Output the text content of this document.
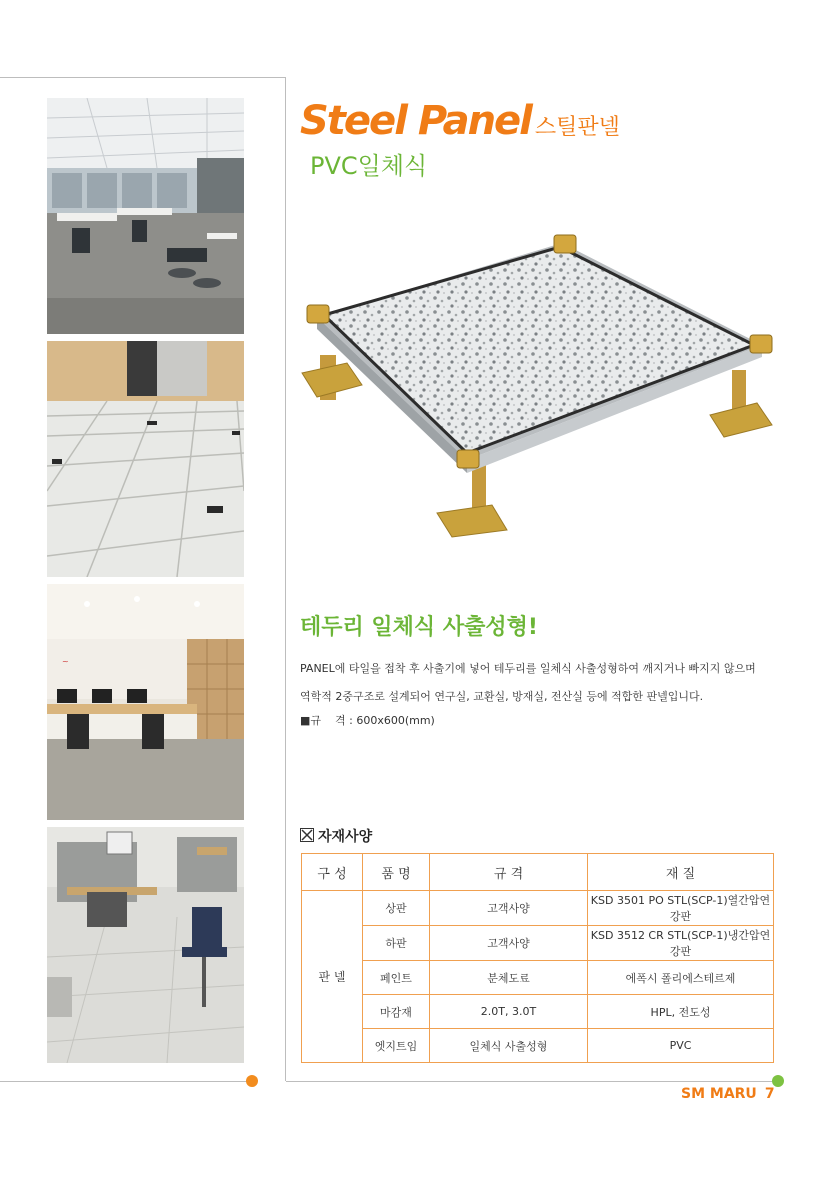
~
Steel Panel 스틸판넬
PVC일체식
테두리 일체식 사출성형!
PANEL에 타일을 접착 후 사출기에 넣어 테두리를 일체식 사출성형하여 깨지거나 빠지지 않으며
역학적 2중구조로 설계되어 연구실, 교환실, 방재실, 전산실 등에 적합한 판넬입니다.
■규    격 : 600x600(mm)
자재사양
구 성	품 명	규 격	재 질
판 넬	상판	고객사양	KSD 3501 PO STL(SCP-1)열간압연 강판
	하판	고객사양	KSD 3512 CR STL(SCP-1)냉간압연 강판
	페인트	분체도료	에폭시 폴리에스테르제
	마감재	2.0T, 3.0T	HPL, 전도성
	엣지트임	일체식 사출성형	PVC
SM MARU 7
